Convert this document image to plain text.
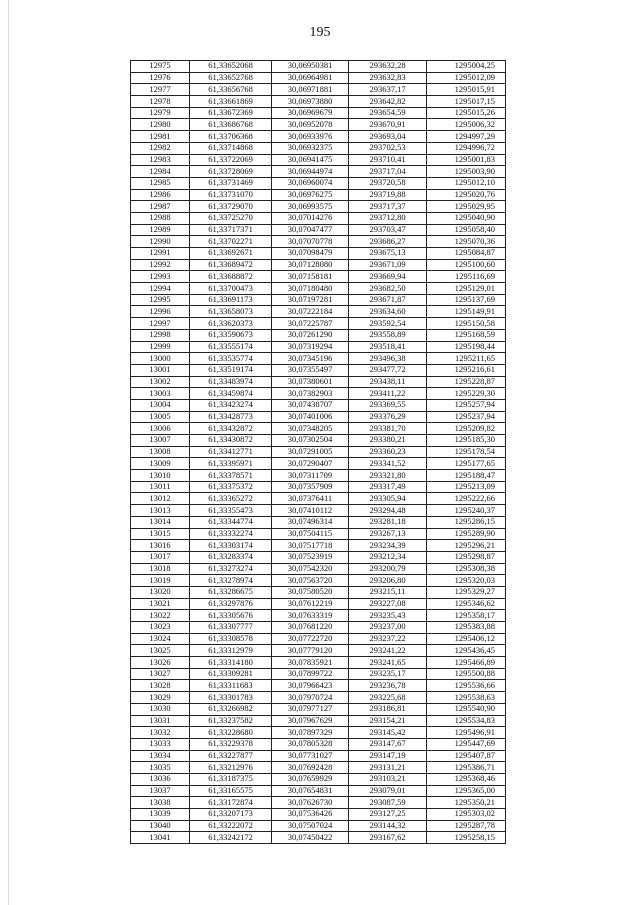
195
12975	61,33652068	30,06950381	293632,28	1295004,25
12976	61,33652768	30,06964981	293632,83	1295012,09
12977	61,33656768	30,06971881	293637,17	1295015,91
12978	61,33661869	30,06973880	293642,82	1295017,15
12979	61,33672369	30,06969679	293654,59	1295015,26
12980	61,33686768	30,06952078	293670,91	1295006,32
12981	61,33706368	30,06933976	293693,04	1294997,29
12982	61,33714868	30,06932375	293702,53	1294996,72
12983	61,33722069	30,06941475	293710,41	1295001,83
12984	61,33728069	30,06944974	293717,04	1295003,90
12985	61,33731469	30,06960074	293720,58	1295012,10
12986	61,33731070	30,06976275	293719,88	1295020,76
12987	61,33729070	30,06993575	293717,37	1295029,95
12988	61,33725270	30,07014276	293712,80	1295040,90
12989	61,33717371	30,07047477	293703,47	1295058,40
12990	61,33702271	30,07070778	293686,27	1295070,36
12991	61,33692671	30,07098479	293675,13	1295084,87
12992	61,33689472	30,07128080	293671,09	1295100,60
12993	61,33688872	30,07158181	293669,94	1295116,69
12994	61,33700473	30,07180480	293682,50	1295129,01
12995	61,33691173	30,07197281	293671,87	1295137,69
12996	61,33658073	30,07222184	293634,60	1295149,91
12997	61,33620373	30,07225787	293592,54	1295150,58
12998	61,33590673	30,07261290	293558,89	1295168,59
12999	61,33555174	30,07319294	293518,41	1295198,44
13000	61,33535774	30,07345196	293496,38	1295211,65
13001	61,33519174	30,07355497	293477,72	1295216,61
13002	61,33483974	30,07380601	293438,11	1295228,87
13003	61,33459874	30,07382903	293411,22	1295229,30
13004	61,33423274	30,07438707	293369,55	1295257,94
13005	61,33428773	30,07401006	293376,29	1295237,94
13006	61,33432872	30,07348205	293381,70	1295209,82
13007	61,33430872	30,07302504	293380,21	1295185,30
13008	61,33412771	30,07291005	293360,23	1295178,54
13009	61,33395971	30,07290407	293341,52	1295177,65
13010	61,33378571	30,07311709	293321,80	1295188,47
13011	61,33375372	30,07357909	293317,49	1295213,09
13012	61,33365272	30,07376411	293305,94	1295222,66
13013	61,33355473	30,07410112	293294,48	1295240,37
13014	61,33344774	30,07496314	293281,18	1295286,15
13015	61,33332274	30,07504115	293267,13	1295289,90
13016	61,33303174	30,07517718	293234,39	1295296,21
13017	61,33283374	30,07523919	293212,34	1295298,87
13018	61,33273274	30,07542320	293200,79	1295308,38
13019	61,33278974	30,07563720	293206,80	1295320,03
13020	61,33286675	30,07580520	293215,11	1295329,27
13021	61,33297876	30,07612219	293227,08	1295346,62
13022	61,33305676	30,07633319	293235,43	1295358,17
13023	61,33307777	30,07681220	293237,00	1295383,88
13024	61,33308578	30,07722720	293237,22	1295406,12
13025	61,33312979	30,07779120	293241,22	1295436,45
13026	61,33314180	30,07835921	293241,65	1295466,89
13027	61,33309281	30,07899722	293235,17	1295500,88
13028	61,33311683	30,07966423	293236,78	1295536,66
13029	61,33301783	30,07970724	293225,68	1295538,63
13030	61,33266982	30,07977127	293186,81	1295540,90
13031	61,33237582	30,07967629	293154,21	1295534,83
13032	61,33228680	30,07897329	293145,42	1295496,91
13033	61,33229378	30,07805328	293147,67	1295447,69
13034	61,33227877	30,07731027	293147,19	1295407,87
13035	61,33212976	30,07692428	293131,21	1295386,71
13036	61,33187375	30,07659929	293103,21	1295368,46
13037	61,33165575	30,07654831	293079,01	1295365,00
13038	61,33172874	30,07626730	293087,59	1295350,21
13039	61,33207173	30,07536426	293127,25	1295303,02
13040	61,33222072	30,07507024	293144,32	1295287,78
13041	61,33242172	30,07450422	293167,62	1295258,15
